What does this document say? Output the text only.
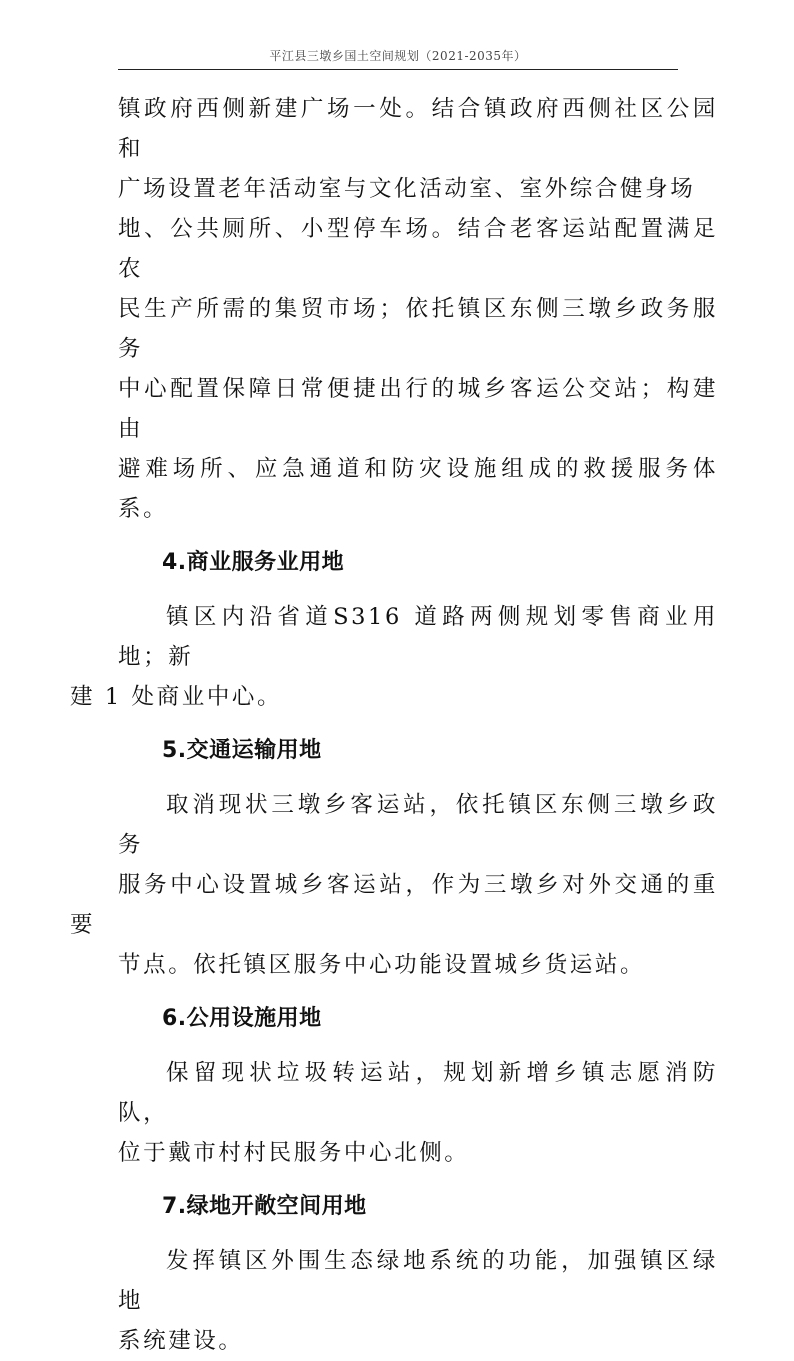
平江县三墩乡国土空间规划（2021-2035年）

镇政府西侧新建广场一处。结合镇政府西侧社区公园和
广场设置老年活动室与文化活动室、室外综合健身场
地、公共厕所、小型停车场。结合老客运站配置满足农
民生产所需的集贸市场；依托镇区东侧三墩乡政务服务
中心配置保障日常便捷出行的城乡客运公交站；构建由
避难场所、应急通道和防灾设施组成的救援服务体系。

4.商业服务业用地

镇区内沿省道S316 道路两侧规划零售商业用地；新
建 1 处商业中心。

5.交通运输用地

取消现状三墩乡客运站，依托镇区东侧三墩乡政务
服务中心设置城乡客运站，作为三墩乡对外交通的重要
节点。依托镇区服务中心功能设置城乡货运站。

6.公用设施用地

保留现状垃圾转运站，规划新增乡镇志愿消防队，
位于戴市村村民服务中心北侧。

7.绿地开敞空间用地

发挥镇区外围生态绿地系统的功能，加强镇区绿地
系统建设。
